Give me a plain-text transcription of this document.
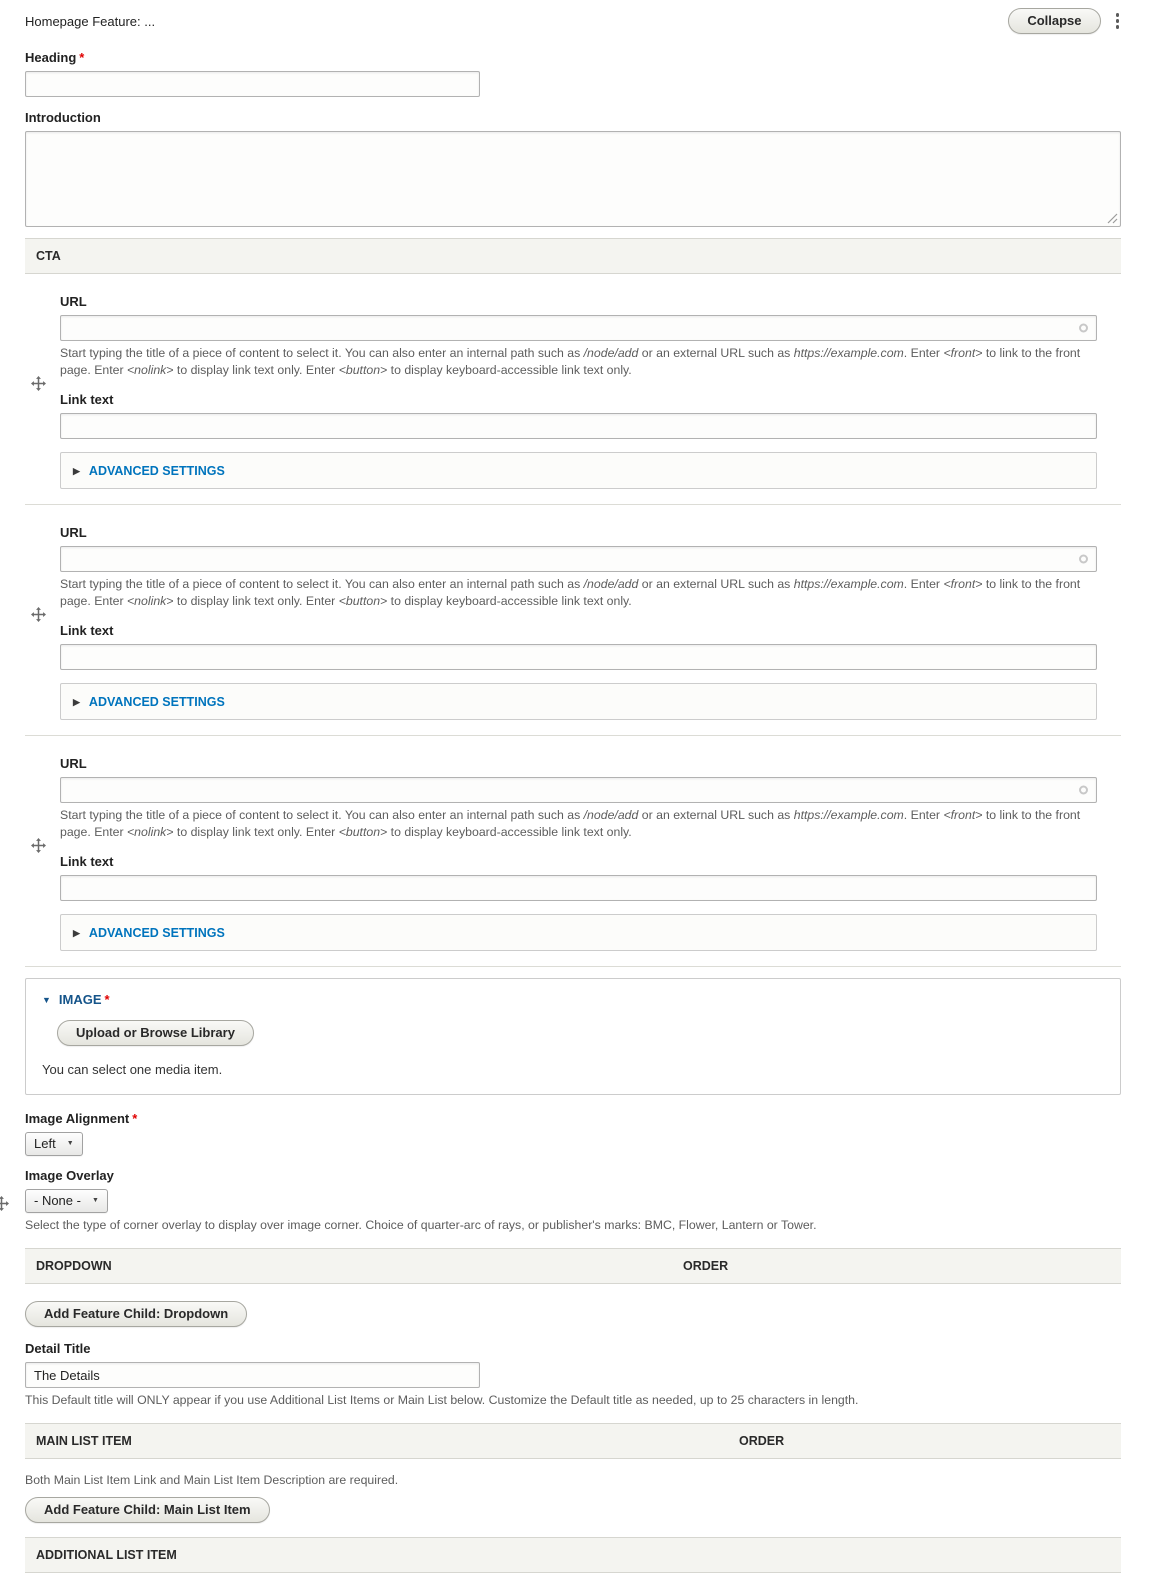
Homepage Feature: ...	Collapse
Heading *
Introduction
CTA
URL
Start typing the title of a piece of content to select it. You can also enter an internal path such as /node/add or an external URL such as https://example.com. Enter <front> to link to the front page. Enter <nolink> to display link text only. Enter <button> to display keyboard-accessible link text only.
Link text
▶ ADVANCED SETTINGS
URL
Start typing the title of a piece of content to select it. You can also enter an internal path such as /node/add or an external URL such as https://example.com. Enter <front> to link to the front page. Enter <nolink> to display link text only. Enter <button> to display keyboard-accessible link text only.
Link text
▶ ADVANCED SETTINGS
URL
Start typing the title of a piece of content to select it. You can also enter an internal path such as /node/add or an external URL such as https://example.com. Enter <front> to link to the front page. Enter <nolink> to display link text only. Enter <button> to display keyboard-accessible link text only.
Link text
▶ ADVANCED SETTINGS
▼ IMAGE *
Upload or Browse Library
You can select one media item.
Image Alignment *
Left ▼
Image Overlay
- None - ▼
Select the type of corner overlay to display over image corner. Choice of quarter-arc of rays, or publisher's marks: BMC, Flower, Lantern or Tower.
DROPDOWN	ORDER
Add Feature Child: Dropdown
Detail Title
The Details
This Default title will ONLY appear if you use Additional List Items or Main List below. Customize the Default title as needed, up to 25 characters in length.
MAIN LIST ITEM	ORDER
Both Main List Item Link and Main List Item Description are required.
Add Feature Child: Main List Item
ADDITIONAL LIST ITEM
